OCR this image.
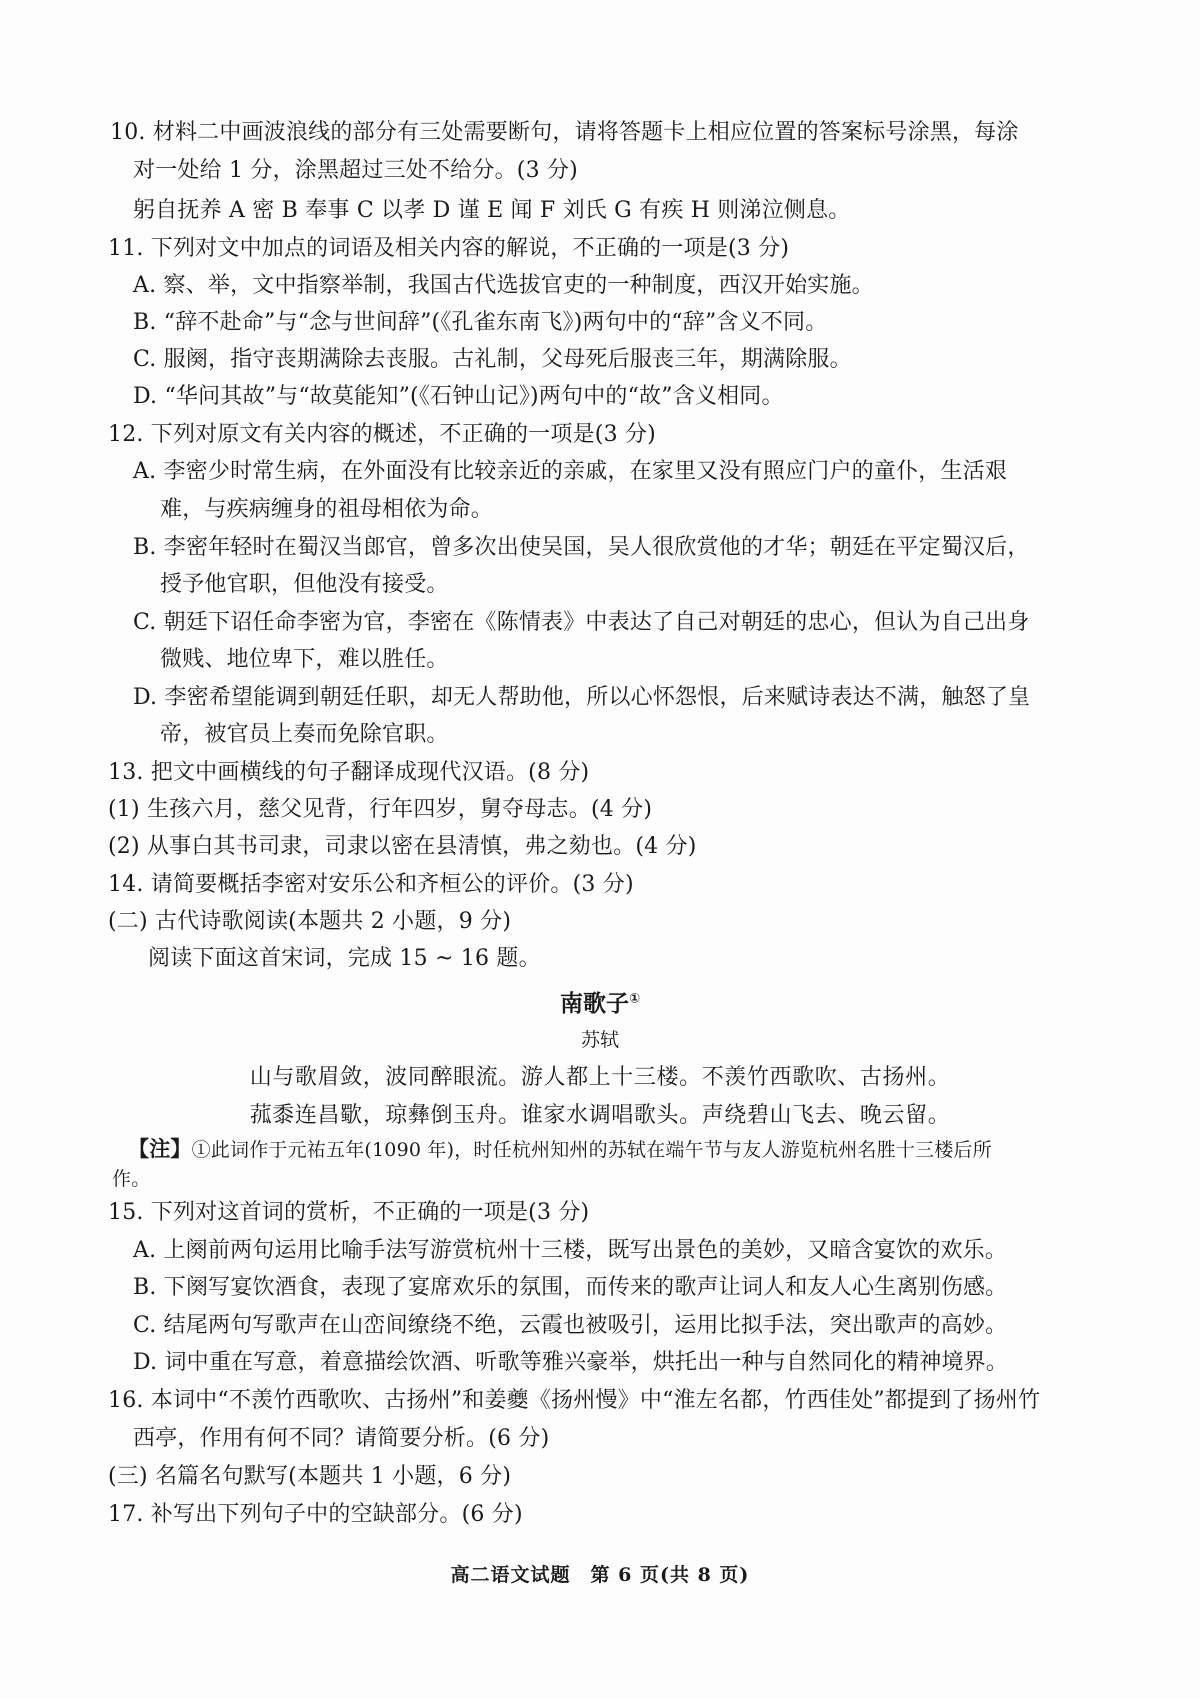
10. 材料二中画波浪线的部分有三处需要断句，请将答题卡上相应位置的答案标号涂黑，每涂
对一处给 1 分，涂黑超过三处不给分。(3 分)
躬自抚养 A 密 B 奉事 C 以孝 D 谨 E 闻 F 刘氏 G 有疾 H 则涕泣侧息。
11. 下列对文中加点的词语及相关内容的解说，不正确的一项是(3 分)
A. 察、举，文中指察举制，我国古代选拔官吏的一种制度，西汉开始实施。
B. “辞不赴命”与“念与世间辞”(《孔雀东南飞》)两句中的“辞”含义不同。
C. 服阕，指守丧期满除去丧服。古礼制，父母死后服丧三年，期满除服。
D. “华问其故”与“故莫能知”(《石钟山记》)两句中的“故”含义相同。
12. 下列对原文有关内容的概述，不正确的一项是(3 分)
A. 李密少时常生病，在外面没有比较亲近的亲戚，在家里又没有照应门户的童仆，生活艰
难，与疾病缠身的祖母相依为命。
B. 李密年轻时在蜀汉当郎官，曾多次出使吴国，吴人很欣赏他的才华；朝廷在平定蜀汉后，
授予他官职，但他没有接受。
C. 朝廷下诏任命李密为官，李密在《陈情表》中表达了自己对朝廷的忠心，但认为自己出身
微贱、地位卑下，难以胜任。
D. 李密希望能调到朝廷任职，却无人帮助他，所以心怀怨恨，后来赋诗表达不满，触怒了皇
帝，被官员上奏而免除官职。
13. 把文中画横线的句子翻译成现代汉语。(8 分)
(1) 生孩六月，慈父见背，行年四岁，舅夺母志。(4 分)
(2) 从事白其书司隶，司隶以密在县清慎，弗之劾也。(4 分)
14. 请简要概括李密对安乐公和齐桓公的评价。(3 分)
(二) 古代诗歌阅读(本题共 2 小题，9 分)
阅读下面这首宋词，完成 15 ~ 16 题。
南歌子①
苏轼
山与歌眉敛，波同醉眼流。游人都上十三楼。不羡竹西歌吹、古扬州。
菰黍连昌歜，琼彝倒玉舟。谁家水调唱歌头。声绕碧山飞去、晚云留。
【注】①此词作于元祐五年(1090 年)，时任杭州知州的苏轼在端午节与友人游览杭州名胜十三楼后所
作。
15. 下列对这首词的赏析，不正确的一项是(3 分)
A. 上阕前两句运用比喻手法写游赏杭州十三楼，既写出景色的美妙，又暗含宴饮的欢乐。
B. 下阕写宴饮酒食，表现了宴席欢乐的氛围，而传来的歌声让词人和友人心生离别伤感。
C. 结尾两句写歌声在山峦间缭绕不绝，云霞也被吸引，运用比拟手法，突出歌声的高妙。
D. 词中重在写意，着意描绘饮酒、听歌等雅兴豪举，烘托出一种与自然同化的精神境界。
16. 本词中“不羡竹西歌吹、古扬州”和姜夔《扬州慢》中“淮左名都，竹西佳处”都提到了扬州竹
西亭，作用有何不同？请简要分析。(6 分)
(三) 名篇名句默写(本题共 1 小题，6 分)
17. 补写出下列句子中的空缺部分。(6 分)
高二语文试题　第 6 页(共 8 页)
